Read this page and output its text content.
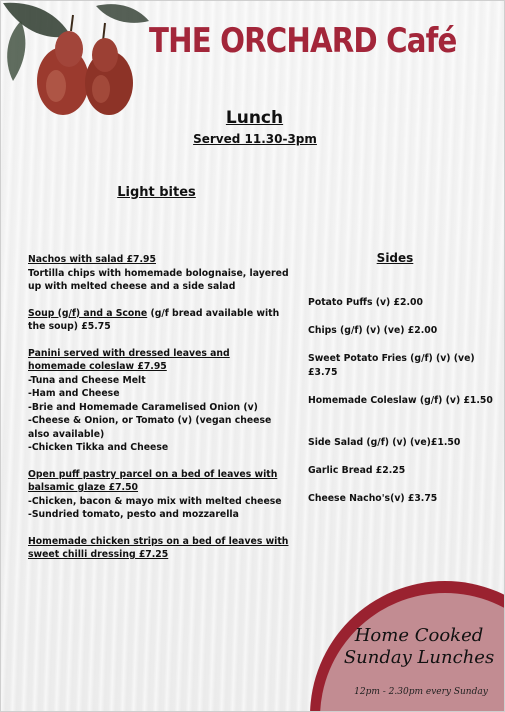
THE ORCHARD Café
Lunch
Served 11.30-3pm
Light bites
Nachos with salad £7.95
Tortilla chips with homemade bolognaise, layered up with melted cheese and a side salad
Soup (g/f) and a Scone (g/f bread available with the soup) £5.75
Panini served with dressed leaves and homemade coleslaw £7.95
-Tuna and Cheese Melt
-Ham and Cheese
-Brie and Homemade Caramelised Onion (v)
-Cheese & Onion, or Tomato (v) (vegan cheese also available)
-Chicken Tikka and Cheese
Open puff pastry parcel on a bed of leaves with balsamic glaze £7.50
-Chicken, bacon & mayo mix with melted cheese
-Sundried tomato, pesto and mozzarella
Homemade chicken strips on a bed of leaves with sweet chilli dressing £7.25
Sides
Potato Puffs (v) £2.00
Chips (g/f) (v) (ve) £2.00
Sweet Potato Fries (g/f) (v) (ve) £3.75
Homemade Coleslaw (g/f) (v) £1.50
Side Salad (g/f) (v) (ve)£1.50
Garlic Bread £2.25
Cheese Nacho's(v) £3.75
Home Cooked Sunday Lunches
12pm - 2.30pm every Sunday
